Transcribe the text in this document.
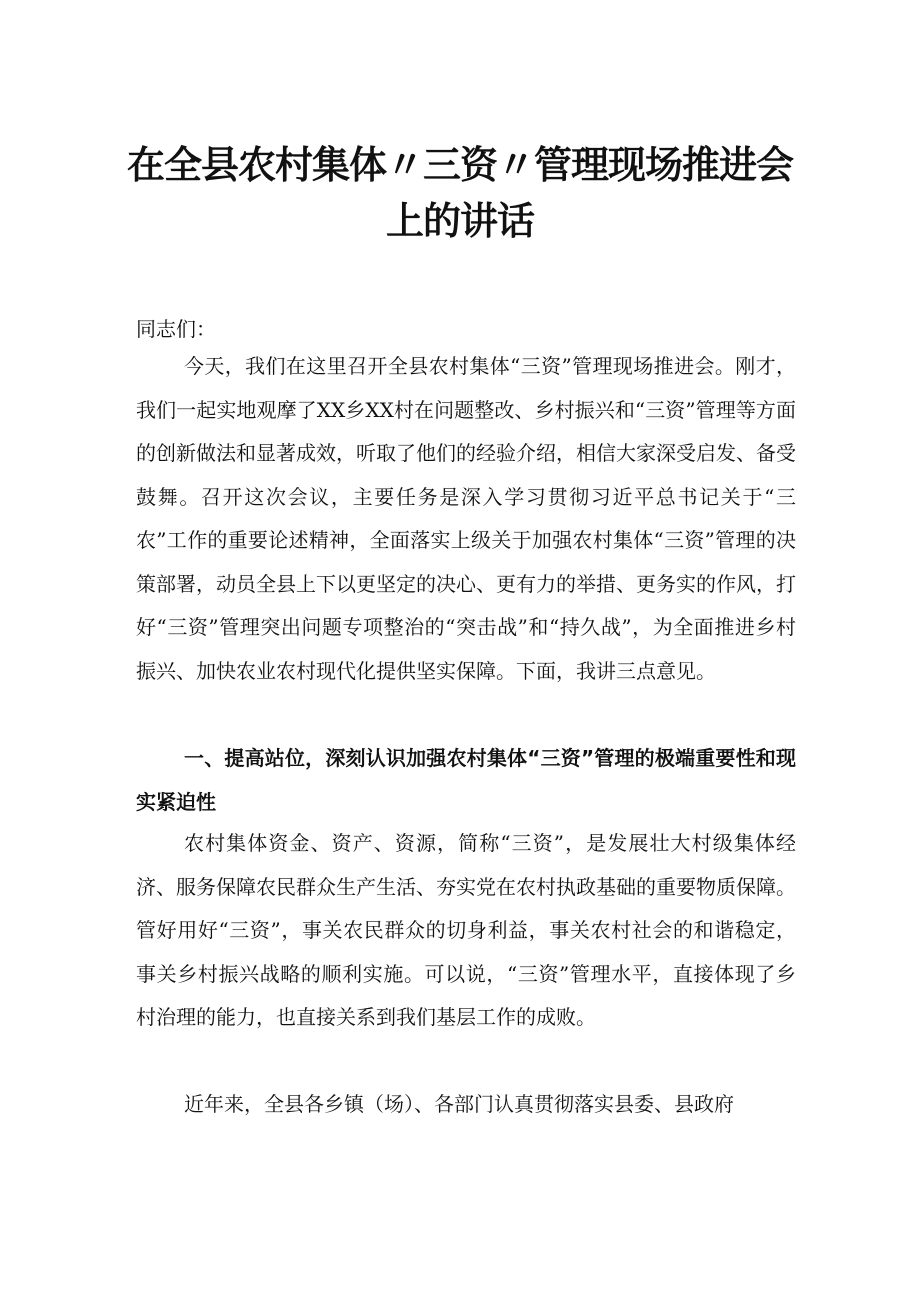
在全县农村集体〃三资〃管理现场推进会
上的讲话

同志们：

今天，我们在这里召开全县农村集体“三资”管理现场推进会。刚才，我们一起实地观摩了XX乡XX村在问题整改、乡村振兴和“三资”管理等方面的创新做法和显著成效，听取了他们的经验介绍，相信大家深受启发、备受鼓舞。召开这次会议，主要任务是深入学习贯彻习近平总书记关于“三农”工作的重要论述精神，全面落实上级关于加强农村集体“三资”管理的决策部署，动员全县上下以更坚定的决心、更有力的举措、更务实的作风，打好“三资”管理突出问题专项整治的“突击战”和“持久战”，为全面推进乡村振兴、加快农业农村现代化提供坚实保障。下面，我讲三点意见。

一、提高站位，深刻认识加强农村集体“三资”管理的极端重要性和现实紧迫性

农村集体资金、资产、资源，简称“三资”，是发展壮大村级集体经济、服务保障农民群众生产生活、夯实党在农村执政基础的重要物质保障。管好用好“三资”，事关农民群众的切身利益，事关农村社会的和谐稳定，事关乡村振兴战略的顺利实施。可以说，“三资”管理水平，直接体现了乡村治理的能力，也直接关系到我们基层工作的成败。

近年来，全县各乡镇（场）、各部门认真贯彻落实县委、县政府
